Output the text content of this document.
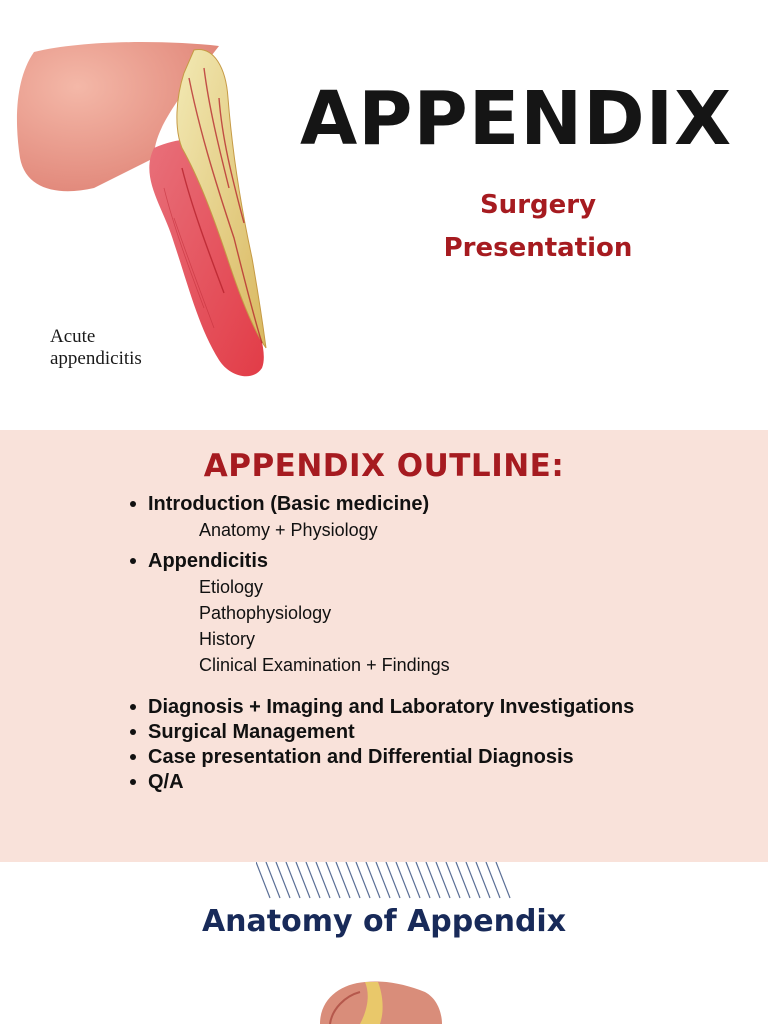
Acute
appendicitis
APPENDIX
Surgery
Presentation
APPENDIX OUTLINE:
Introduction (Basic medicine)
Anatomy + Physiology
Appendicitis
Etiology
Pathophysiology
History
Clinical Examination + Findings
Diagnosis + Imaging and Laboratory Investigations
Surgical Management
Case presentation and Differential Diagnosis
Q/A
Anatomy of Appendix
